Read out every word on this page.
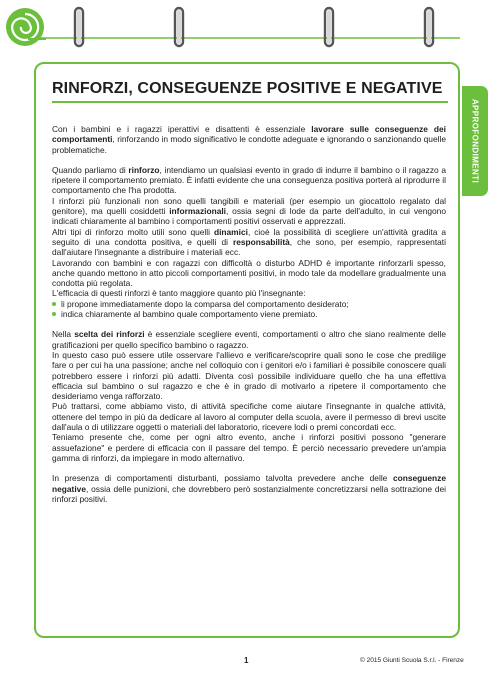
APPROFONDIMENTI
RINFORZI, CONSEGUENZE POSITIVE E NEGATIVE

Con i bambini e i ragazzi iperattivi e disattenti è essenziale lavorare sulle conseguenze dei comportamenti, rinforzando in modo significativo le condotte adeguate e ignorando o sanzionando quelle problematiche.

Quando parliamo di rinforzo, intendiamo un qualsiasi evento in grado di indurre il bambino o il ragazzo a ripetere il comportamento premiato. È infatti evidente che una conseguenza positiva porterà al riprodurre il comportamento che l'ha prodotta.

I rinforzi più funzionali non sono quelli tangibili e materiali (per esempio un giocattolo regalato dal genitore), ma quelli cosiddetti informazionali, ossia segni di lode da parte dell'adulto, in cui vengono indicati chiaramente al bambino i comportamenti positivi osservati e apprezzati.

Altri tipi di rinforzo molto utili sono quelli dinamici, cioè la possibilità di scegliere un'attività gradita a seguito di una condotta positiva, e quelli di responsabilità, che sono, per esempio, rappresentati dall'aiutare l'insegnante a distribuire i materiali ecc.

Lavorando con bambini e con ragazzi con difficoltà o disturbo ADHD è importante rinforzarli spesso, anche quando mettono in atto piccoli comportamenti positivi, in modo tale da modellare gradualmente una condotta più regolata.

L'efficacia di questi rinforzi è tanto maggiore quanto più l'insegnante:

li propone immediatamente dopo la comparsa del comportamento desiderato;
indica chiaramente al bambino quale comportamento viene premiato.

Nella scelta dei rinforzi è essenziale scegliere eventi, comportamenti o altro che siano realmente delle gratificazioni per quello specifico bambino o ragazzo.

In questo caso può essere utile osservare l'allievo e verificare/scoprire quali sono le cose che predilige fare o per cui ha una passione; anche nel colloquio con i genitori e/o i familiari è possibile conoscere quali potrebbero essere i rinforzi più adatti. Diventa così possibile individuare quello che ha una effettiva efficacia sul bambino o sul ragazzo e che è in grado di motivarlo a ripetere il comportamento che desideriamo venga rafforzato.

Può trattarsi, come abbiamo visto, di attività specifiche come aiutare l'insegnante in qualche attività, ottenere del tempo in più da dedicare al lavoro al computer della scuola, avere il permesso di brevi uscite dall'aula o di utilizzare oggetti o materiali del laboratorio, ricevere lodi o premi concordati ecc.

Teniamo presente che, come per ogni altro evento, anche i rinforzi positivi possono "generare assuefazione" e perdere di efficacia con il passare del tempo. È perciò necessario prevedere un'ampia gamma di rinforzi, da impiegare in modo alternativo.

In presenza di comportamenti disturbanti, possiamo talvolta prevedere anche delle conseguenze negative, ossia delle punizioni, che dovrebbero però sostanzialmente concretizzarsi nella sottrazione dei rinforzi positivi.

1	© 2015 Giunti Scuola S.r.l. - Firenze
